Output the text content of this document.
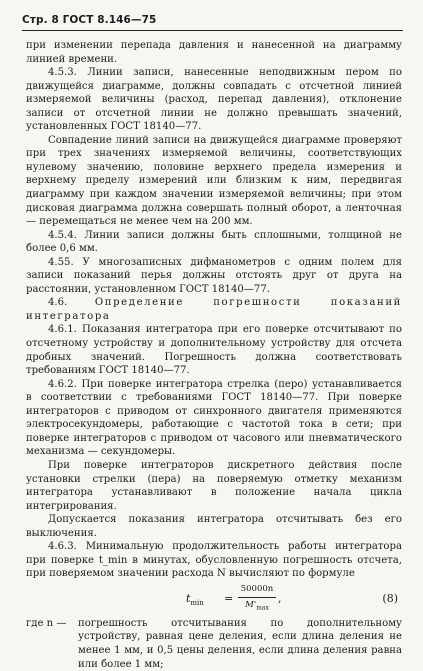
Стр. 8 ГОСТ 8.146—75

при изменении перепада давления и нанесенной на диаграмму линией времени.

4.5.3. Линии записи, нанесенные неподвижным пером по движущейся диаграмме, должны совпадать с отсчетной линией измеряемой величины (расход, перепад давления), отклонение записи от отсчетной линии не должно превышать значений, установленных ГОСТ 18140—77.

Совпадение линий записи на движущейся диаграмме проверяют при трех значениях измеряемой величины, соответствующих нулевому значению, половине верхнего предела измерения и верхнему пределу измерений или близким к ним, передвигая диаграмму при каждом значении измеряемой величины; при этом дисковая диаграмма должна совершать полный оборот, а ленточная — перемещаться не менее чем на 200 мм.

4.5.4. Линии записи должны быть сплошными, толщиной не более 0,6 мм.

4.55. У многозаписных дифманометров с одним полем для записи показаний перья должны отстоять друг от друга на расстоянии, установленном ГОСТ 18140—77.

4.6.	Определение погрешности показаний интегратора

4.6.1. Показания интегратора при его поверке отсчитывают по отсчетному устройству и дополнительному устройству для отсчета дробных значений. Погрешность должна соответствовать требованиям ГОСТ 18140—77.

4.6.2. При поверке интегратора стрелка (перо) устанавливается в соответствии с требованиями ГОСТ 18140—77. При поверке интеграторов с приводом от синхронного двигателя применяются электросекундомеры, работающие с частотой тока в сети; при поверке интеграторов с приводом от часового или пневматического механизма — секундомеры.

При поверке интеграторов дискретного действия после установки стрелки (пера) на поверяемую отметку механизм интегратора устанавливают в положение начала цикла интегрирования.

Допускается показания интегратора отсчитывать без его выключения.

4.6.3. Минимальную продолжительность работы интегратора при поверке t_min в минутах, обусловленную погрешность отсчета, при поверяемом значении расхода N вычисляют по формуле

$t_{min}$ =
50000n
$M'_{max}$
,	(8)
где n — погрешность отсчитывания по дополнительному устройству, равная цене деления, если длина деления не менее 1 мм, и 0,5 цены деления, если длина деления равна или более 1 мм;
